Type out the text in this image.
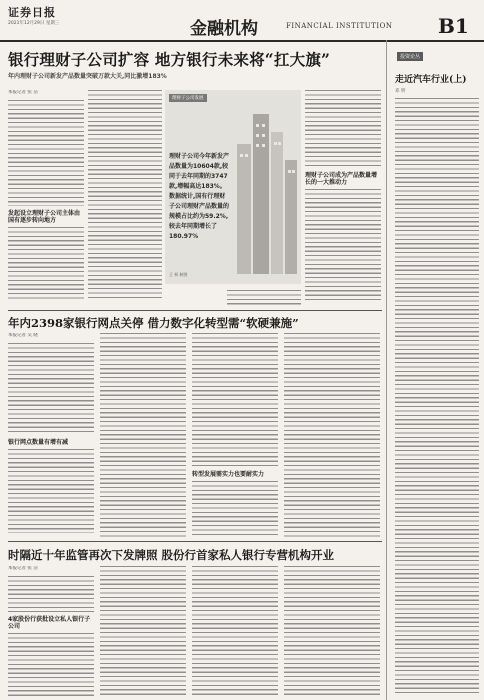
证券日报
2021年12月29日 星期三	金融机构	FINANCIAL INSTITUTION B1
银行理财子公司扩容 地方银行未来将“扛大旗”
年内理财子公司新发产品数量突破万款大关,同比激增183%
本报记者 张 洁
发起设立理财子公司主体由国有逐步转向地方
理财子公司发展
理财子公司今年新发产品数量为10604款,较同于去年同期的3747款,增幅高达183%。数据统计,国有行理财子公司理财产品数量的规模占比约为59.2%,较去年同期增长了180.97%
王 柯 制图
理财子公司成为产品数量增长的一大推动力
年内2398家银行网点关停 借力数字化转型需“软硬兼施”
本报记者 吴 晓
银行网点数量有增有减
转型发展需实力也要耐实力
时隔近十年监管再次下发牌照 股份行首家私人银行专营机构开业
本报记者 张 洁
4家股份行获批设立私人银行子公司
投资论丛
走近汽车行业(上)
邓 明
